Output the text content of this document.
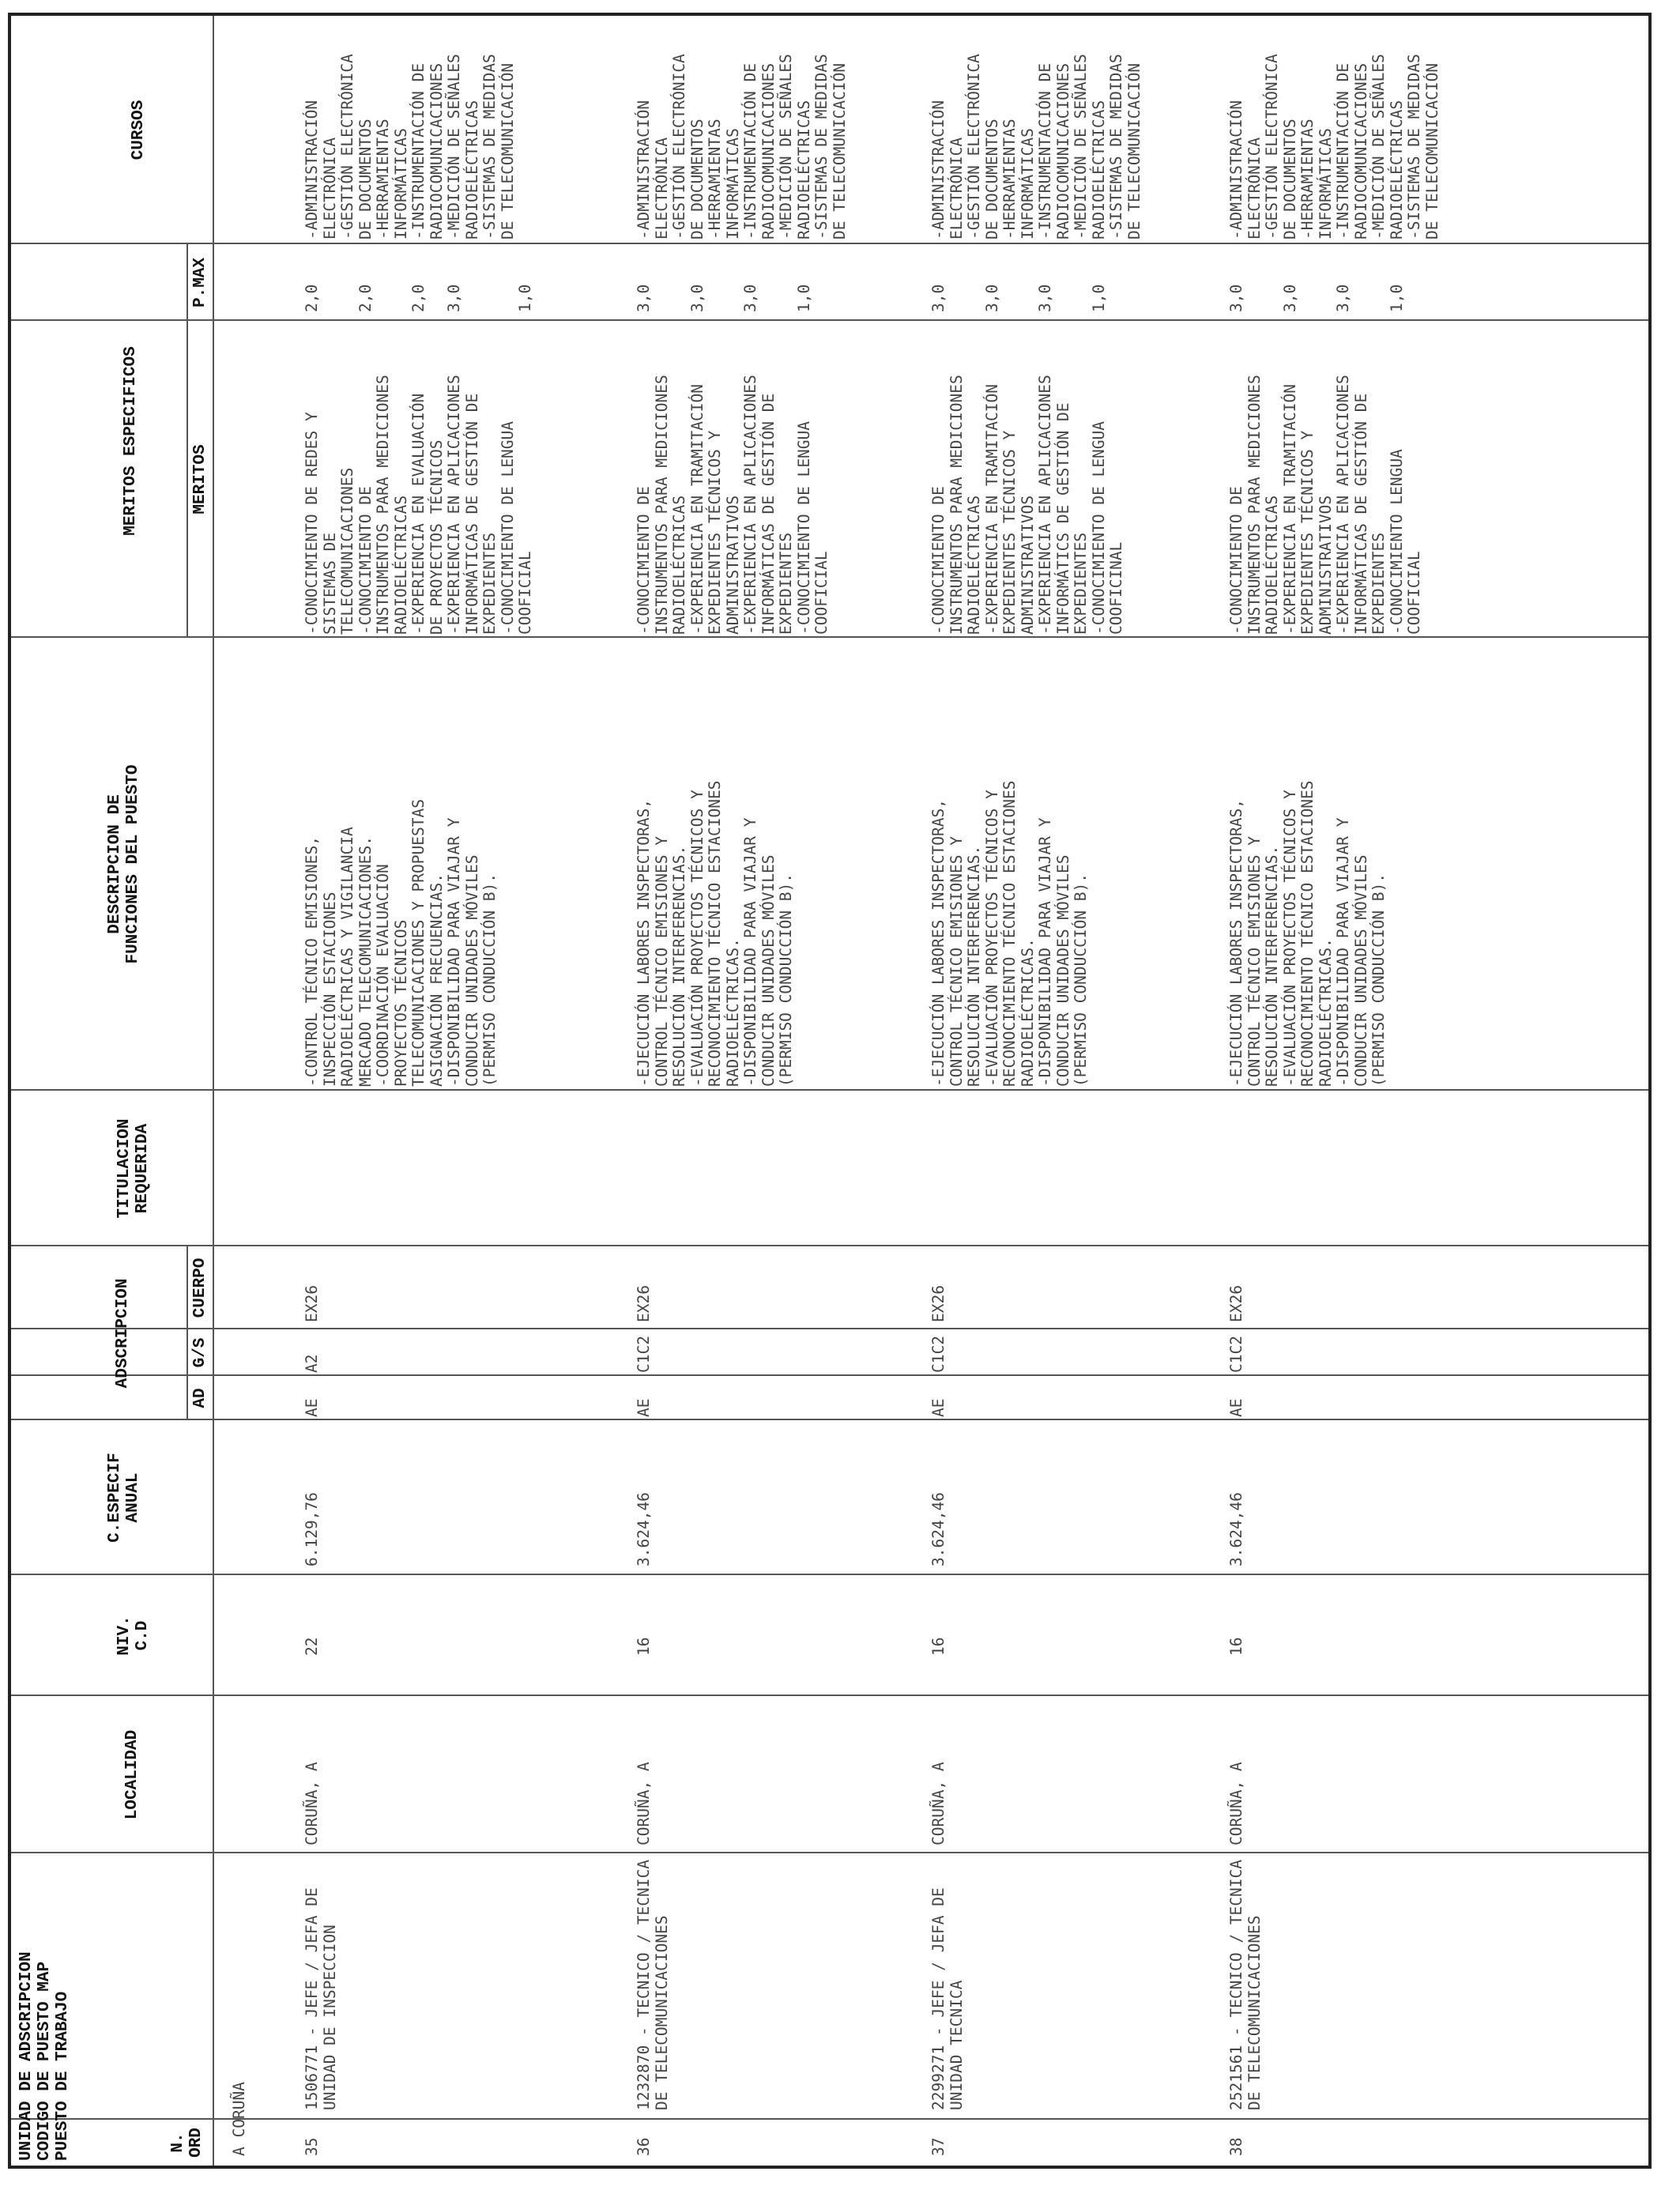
N.
ORD
UNIDAD DE ADSCRIPCION
CODIGO DE PUESTO MAP
PUESTO DE TRABAJO
LOCALIDAD
NIV.
C.D
C.ESPECIF
ANUAL
ADSCRIPCION
AD
G/S
CUERPO
TITULACION
REQUERIDA
DESCRIPCION DE
FUNCIONES DEL PUESTO
MERITOS ESPECIFICOS	MERITOS
P.MAX
CURSOS
A CORUÑA	35
1506771 - JEFE / JEFA DE
UNIDAD DE INSPECCION
CORUÑA, A
22
6.129,76
AE
A2
EX26
-CONTROL TÉCNICO EMISIONES,
INSPECCIÓN ESTACIONES
RADIOELÉCTRICAS Y VIGILANCIA
MERCADO TELECOMUNICACIONES.
-COORDINACIÓN EVALUACIÓN
PROYECTOS TÉCNICOS
TELECOMUNICACIONES Y PROPUESTAS
ASIGNACIÓN FRECUENCIAS.
-DISPONIBILIDAD PARA VIAJAR Y
CONDUCIR UNIDADES MÓVILES
(PERMISO CONDUCCIÓN B).
-CONOCIMIENTO DE REDES Y
SISTEMAS DE
TELECOMUNICACIONES
-CONOCIMIENTO DE
INSTRUMENTOS PARA MEDICIONES
RADIOELÉCTRICAS
-EXPERIENCIA EN EVALUACIÓN
DE PROYECTOS TÉCNICOS
-EXPERIENCIA EN APLICACIONES
INFORMÁTICAS DE GESTIÓN DE
EXPEDIENTES
-CONOCIMIENTO DE LENGUA
COOFICIAL
2,0

2,0

2,0

3,0

1,0
-ADMINISTRACIÓN
ELECTRÓNICA
-GESTIÓN ELECTRÓNICA
DE DOCUMENTOS
-HERRAMIENTAS
INFORMÁTICAS
-INSTRUMENTACIÓN DE
RADIOCOMUNICACIONES
-MEDICIÓN DE SEÑALES
RADIOELÉCTRICAS
-SISTEMAS DE MEDIDAS
DE TELECOMUNICACIÓN
36
1232870 - TECNICO / TECNICA
DE TELECOMUNICACIONES
CORUÑA, A
16
3.624,46
AE
C1C2
EX26
-EJECUCIÓN LABORES INSPECTORAS,
CONTROL TÉCNICO EMISIONES Y
RESOLUCIÓN INTERFERENCIAS.
-EVALUACIÓN PROYECTOS TÉCNICOS Y
RECONOCIMIENTO TÉCNICO ESTACIONES
RADIOELÉCTRICAS.
-DISPONIBILIDAD PARA VIAJAR Y
CONDUCIR UNIDADES MÓVILES
(PERMISO CONDUCCIÓN B).
-CONOCIMIENTO DE
INSTRUMENTOS PARA MEDICIONES
RADIOELÉCTRICAS
-EXPERIENCIA EN TRAMITACIÓN
EXPEDIENTES TÉCNICOS Y
ADMINISTRATIVOS
-EXPERIENCIA EN APLICACIONES
INFORMÁTICAS DE GESTIÓN DE
EXPEDIENTES
-CONOCIMIENTO DE LENGUA
COOFICIAL
3,0

3,0

3,0

1,0
-ADMINISTRACIÓN
ELECTRÓNICA
-GESTIÓN ELECTRÓNICA
DE DOCUMENTOS
-HERRAMIENTAS
INFORMÁTICAS
-INSTRUMENTACIÓN DE
RADIOCOMUNICACIONES
-MEDICIÓN DE SEÑALES
RADIOELÉCTRICAS
-SISTEMAS DE MEDIDAS
DE TELECOMUNICACIÓN
37
2299271 - JEFE / JEFA DE
UNIDAD TECNICA
CORUÑA, A
16
3.624,46
AE
C1C2
EX26
-EJECUCIÓN LABORES INSPECTORAS,
CONTROL TÉCNICO EMISIONES Y
RESOLUCIÓN INTERFERENCIAS.
-EVALUACIÓN PROYECTOS TÉCNICOS Y
RECONOCIMIENTO TÉCNICO ESTACIONES
RADIOELÉCTRICAS.
-DISPONIBILIDAD PARA VIAJAR Y
CONDUCIR UNIDADES MÓVILES
(PERMISO CONDUCCIÓN B).
-CONOCIMIENTO DE
INSTRUMENTOS PARA MEDICIONES
RADIOELÉCTRICAS
-EXPERIENCIA EN TRAMITACIÓN
EXPEDIENTES TÉCNICOS Y
ADMINISTRATIVOS
-EXPERIENCIA EN APLICACIONES
INFORMÁTICS DE GESTIÓN DE
EXPEDIENTES
-CONOCIMIENTO DE LENGUA
COOFICINAL
3,0

3,0

3,0

1,0
-ADMINISTRACIÓN
ELECTRÓNICA
-GESTIÓN ELECTRÓNICA
DE DOCUMENTOS
-HERRAMIENTAS
INFORMÁTICAS
-INSTRUMENTACIÓN DE
RADIOCOMUNICACIONES
-MEDICIÓN DE SEÑALES
RADIOELÉCTRICAS
-SISTEMAS DE MEDIDAS
DE TELECOMUNICACIÓN
38
2521561 - TECNICO / TECNICA
DE TELECOMUNICACIONES
CORUÑA, A
16
3.624,46
AE
C1C2
EX26
-EJECUCIÓN LABORES INSPECTORAS,
CONTROL TÉCNICO EMISIONES Y
RESOLUCIÓN INTERFERENCIAS.
-EVALUACIÓN PROYECTOS TÉCNICOS Y
RECONOCIMIENTO TÉCNICO ESTACIONES
RADIOELÉCTRICAS.
-DISPONIBILIDAD PARA VIAJAR Y
CONDUCIR UNIDADES MÓVILES
(PERMISO CONDUCCIÓN B).
-CONOCIMIENTO DE
INSTRUMENTOS PARA MEDICIONES
RADIOELÉCTRICAS
-EXPERIENCIA EN TRAMITACIÓN
EXPEDIENTES TÉCNICOS Y
ADMINISTRATIVOS
-EXPERIENCIA EN APLICACIONES
INFORMÁTICAS DE GESTIÓN DE
EXPEDIENTES
-CONOCIMIENTO LENGUA
COOFICIAL
3,0

3,0

3,0

1,0
-ADMINISTRACIÓN
ELECTRÓNICA
-GESTIÓN ELECTRÓNICA
DE DOCUMENTOS
-HERRAMIENTAS
INFORMÁTICAS
-INSTRUMENTACIÓN DE
RADIOCOMUNICACIONES
-MEDICIÓN DE SEÑALES
RADIOELÉCTRICAS
-SISTEMAS DE MEDIDAS
DE TELECOMUNICACIÓN
